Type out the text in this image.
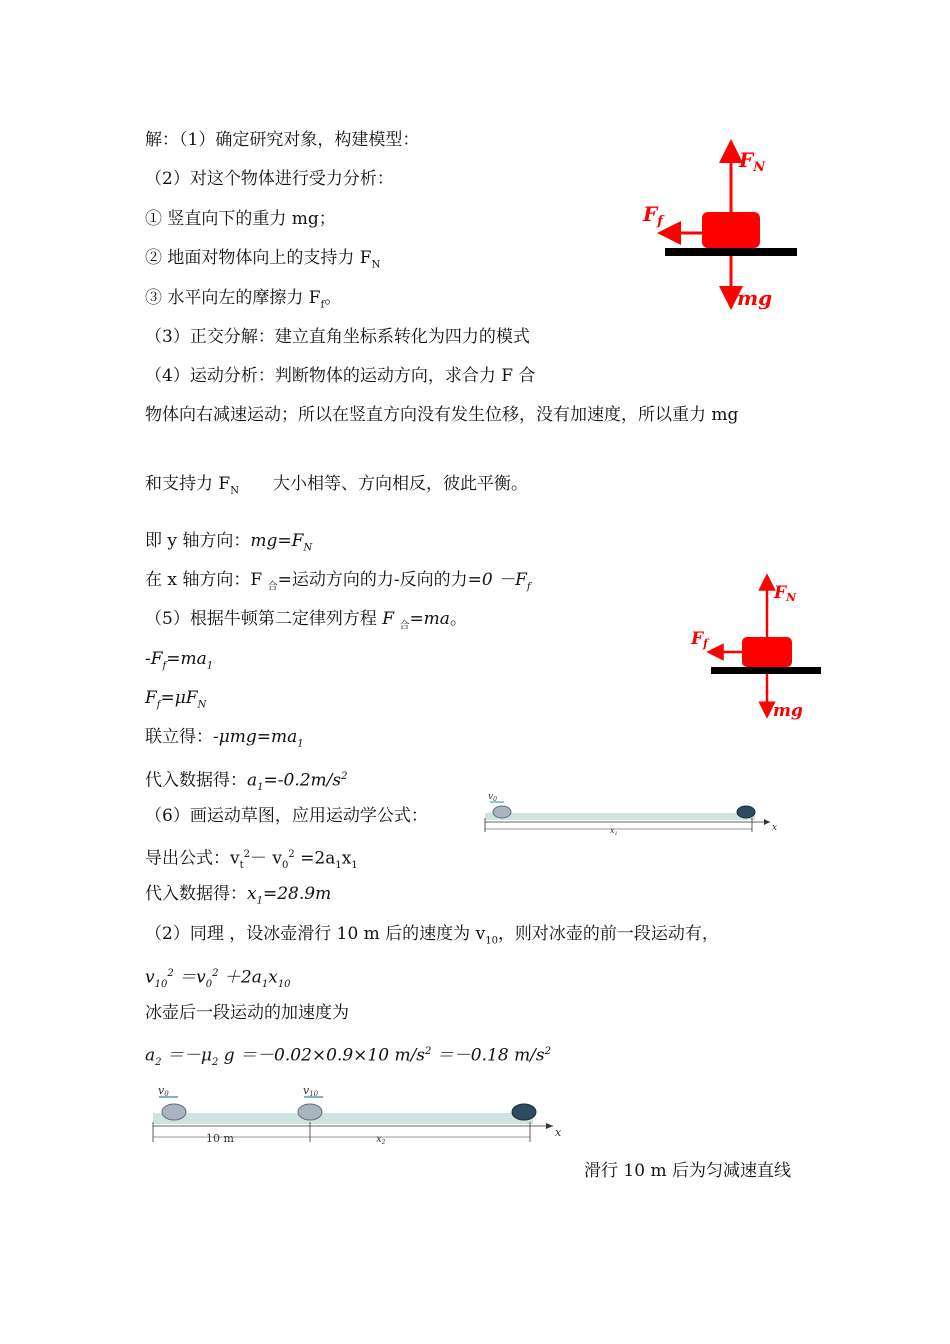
解：（1）确定研究对象，构建模型：
（2）对这个物体进行受力分析：
① 竖直向下的重力 mg；
② 地面对物体向上的支持力 $F_N$
③ 水平向左的摩擦力 $F_f$。
（3）正交分解：建立直角坐标系转化为四力的模式
（4）运动分析：判断物体的运动方向，求合力 F 合
物体向右减速运动；所以在竖直方向没有发生位移，没有加速度，所以重力 mg
和支持力 $F_N$　　大小相等、方向相反，彼此平衡。
即 y 轴方向：$mg=F_N$
在 x 轴方向：F $_合$=运动方向的力-反向的力$=0 -F_f$
（5）根据牛顿第二定律列方程 F $_合$=ma。
$-F_f=ma_1$
$F_f=\mu F_N$
联立得：$-\mu mg=ma_1$
代入数据得：$a_1=-0.2m/s^2$
（6）画运动草图，应用运动学公式：
导出公式：$v_t^2- v_0^2 =2a_1x_1$
代入数据得：$x_1=28.9m$
（2）同理 ，设冰壶滑行 10 m 后的速度为 $v_{10}$，则对冰壶的前一段运动有，
$v_{10}^2 =v_0^2 +2a_1x_{10}$
冰壶后一段运动的加速度为
$a_2 =-\mu_2$ g ＝－0.02×0.9×10 $m/s^2 =-0.18$ $m/s^2$
滑行 10 m 后为匀减速直线
$F_N$
$F_f$
mg
FN
Ff
mg
$v_0$
$x_1$
x
v0	v10
10 m	$x_2$
x
